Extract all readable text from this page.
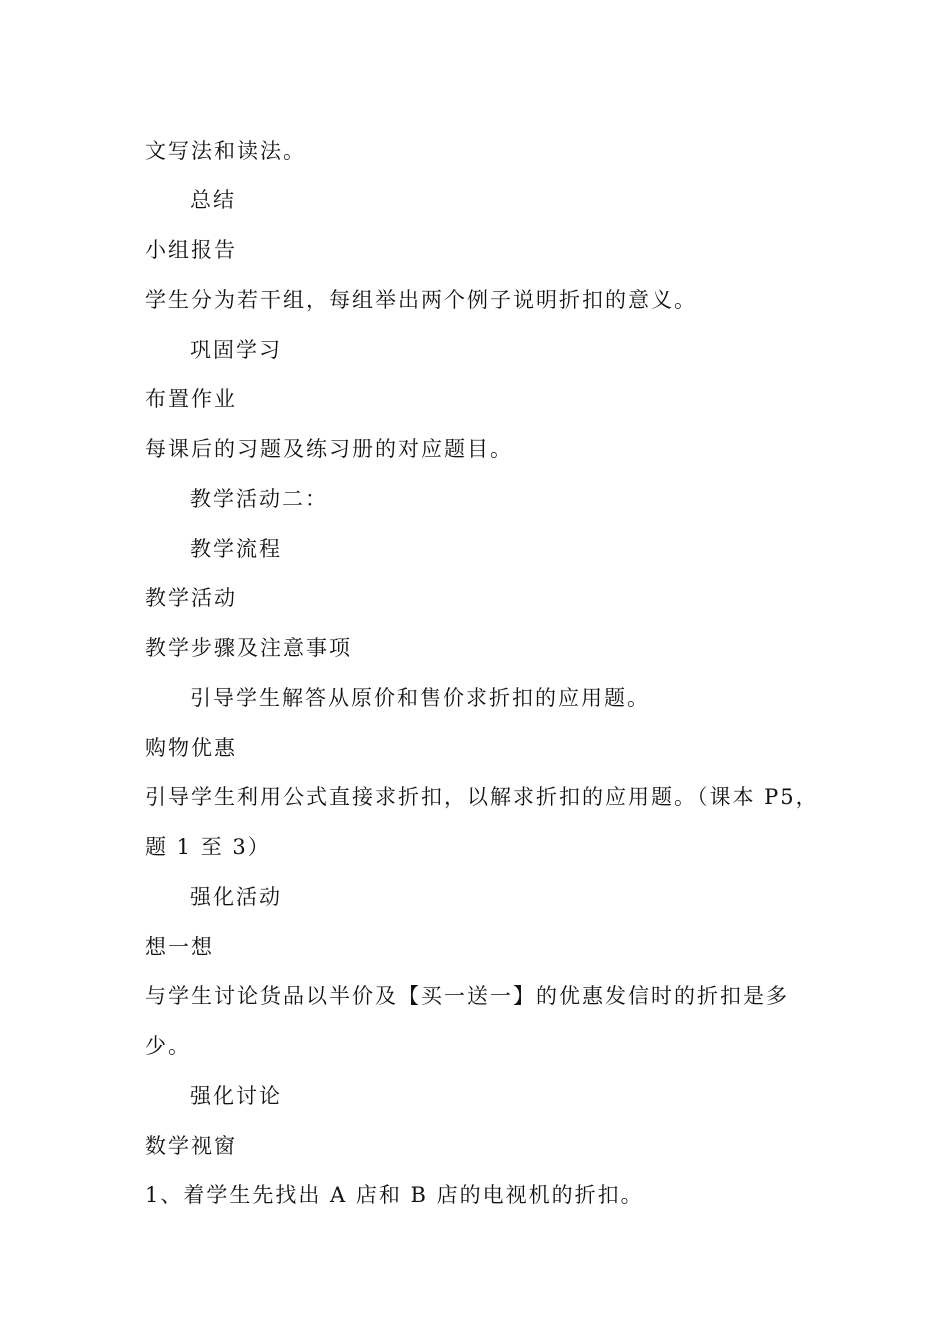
文写法和读法。
总结
小组报告
学生分为若干组，每组举出两个例子说明折扣的意义。
巩固学习
布置作业
每课后的习题及练习册的对应题目。
教学活动二：
教学流程
教学活动
教学步骤及注意事项
引导学生解答从原价和售价求折扣的应用题。
购物优惠
引导学生利用公式直接求折扣，以解求折扣的应用题。（课本 P5，
题 1 至 3）
强化活动
想一想
与学生讨论货品以半价及【买一送一】的优惠发信时的折扣是多
少。
强化讨论
数学视窗
1、着学生先找出 A 店和 B 店的电视机的折扣。
